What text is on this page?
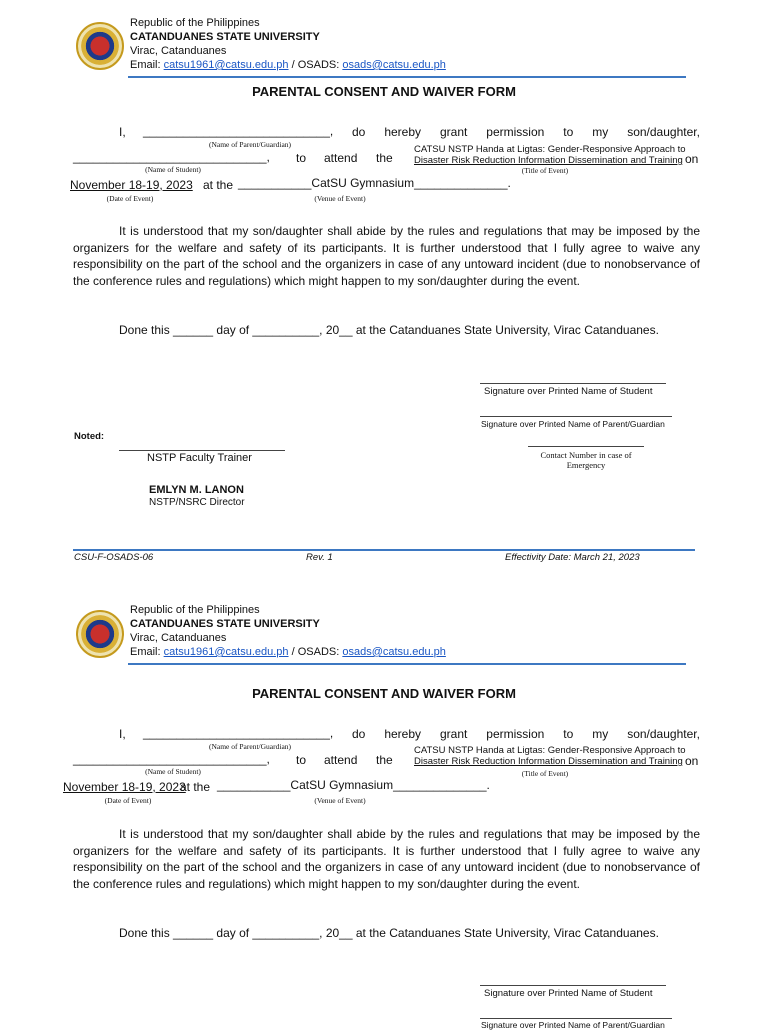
Republic of the Philippines
CATANDUANES STATE UNIVERSITY
Virac, Catanduanes
Email: catsu1961@catsu.edu.ph / OSADS: osads@catsu.edu.ph
PARENTAL CONSENT AND WAIVER FORM
I, ____________________________, do hereby grant permission to my son/daughter,
(Name of Parent/Guardian)
_____________________________, to attend the
CATSU NSTP Handa at Ligtas: Gender-Responsive Approach to
Disaster Risk Reduction Information Dissemination and Training on
(Name of Student)	(Title of Event)
November 18-19, 2023 at the ___________CatSU Gymnasium______________.
(Date of Event)	(Venue of Event)
It is understood that my son/daughter shall abide by the rules and regulations that may be imposed by the organizers for the welfare and safety of its participants. It is further understood that I fully agree to waive any responsibility on the part of the school and the organizers in case of any untoward incident (due to nonobservance of the conference rules and regulations) which might happen to my son/daughter during the event.
Done this ______ day of __________, 20__ at the Catanduanes State University, Virac Catanduanes.
Signature over Printed Name of Student
Signature over Printed Name of Parent/Guardian
Contact Number in case of
Emergency
Noted:
NSTP Faculty Trainer
EMLYN M. LANON
NSTP/NSRC Director
CSU-F-OSADS-06	Rev. 1	Effectivity Date: March 21, 2023
Republic of the Philippines
CATANDUANES STATE UNIVERSITY
Virac, Catanduanes
Email: catsu1961@catsu.edu.ph / OSADS: osads@catsu.edu.ph
PARENTAL CONSENT AND WAIVER FORM
I, ____________________________, do hereby grant permission to my son/daughter,
(Name of Parent/Guardian)
_____________________________, to attend the
CATSU NSTP Handa at Ligtas: Gender-Responsive Approach to
Disaster Risk Reduction Information Dissemination and Training on
(Name of Student)	(Title of Event)
November 18-19, 2023
at the ___________CatSU Gymnasium______________.
(Date of Event)	(Venue of Event)
It is understood that my son/daughter shall abide by the rules and regulations that may be imposed by the organizers for the welfare and safety of its participants. It is further understood that I fully agree to waive any responsibility on the part of the school and the organizers in case of any untoward incident (due to nonobservance of the conference rules and regulations) which might happen to my son/daughter during the event.
Done this ______ day of __________, 20__ at the Catanduanes State University, Virac Catanduanes.
Signature over Printed Name of Student
Signature over Printed Name of Parent/Guardian
